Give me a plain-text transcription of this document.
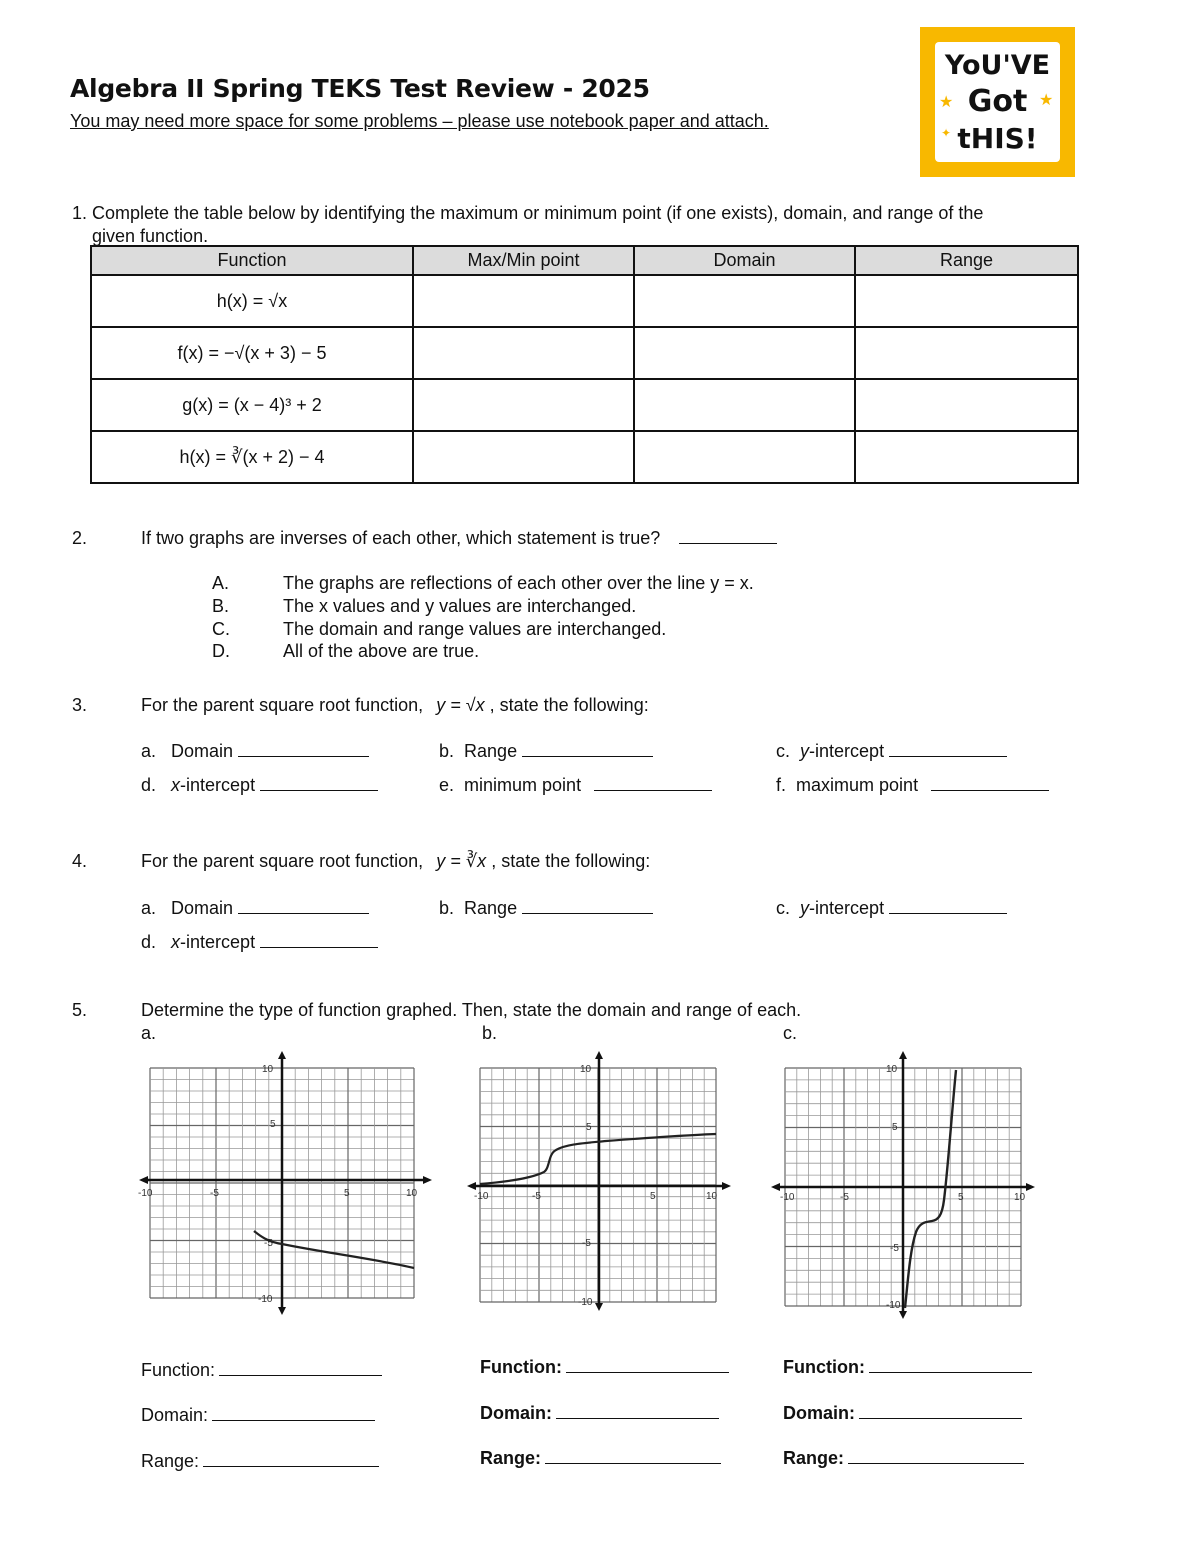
Algebra II Spring TEKS Test Review - 2025
You may need more space for some problems – please use notebook paper and attach.
YoU'VE
Got
tHIS!
★	★
✦
1. Complete the table below by identifying the maximum or minimum point (if one exists), domain, and range of the
given function.
Function	Max/Min point	Domain	Range
h(x) = √x			
f(x) = −√(x + 3) − 5			
g(x) = (x − 4)³ + 2			
h(x) = ∛(x + 2) − 4			
2.	If two graphs are inverses of each other, which statement is true?
A.	The graphs are reflections of each other over the line y = x.
B.	The x values and y values are interchanged.
C.	The domain and range values are interchanged.
D.	All of the above are true.
3.	For the parent square root function, y = √x , state the following:
a. Domain	b. Range	c. y-intercept
d. x-intercept	e. minimum point	f. maximum point
4.	For the parent square root function, y = ∛x , state the following:
a. Domain	b. Range	c. y-intercept
d. x-intercept
5.	Determine the type of function graphed. Then, state the domain and range of each.
a.	b.	c.
10
5
-10	-5	5	10
-5
-10
10
5
-10	-5	5	10
-5
-10
10
5
-10	-5	5	10
-5
-10
Function:
Domain:
Range:
Function:
Domain:
Range:
Function:
Domain:
Range:
